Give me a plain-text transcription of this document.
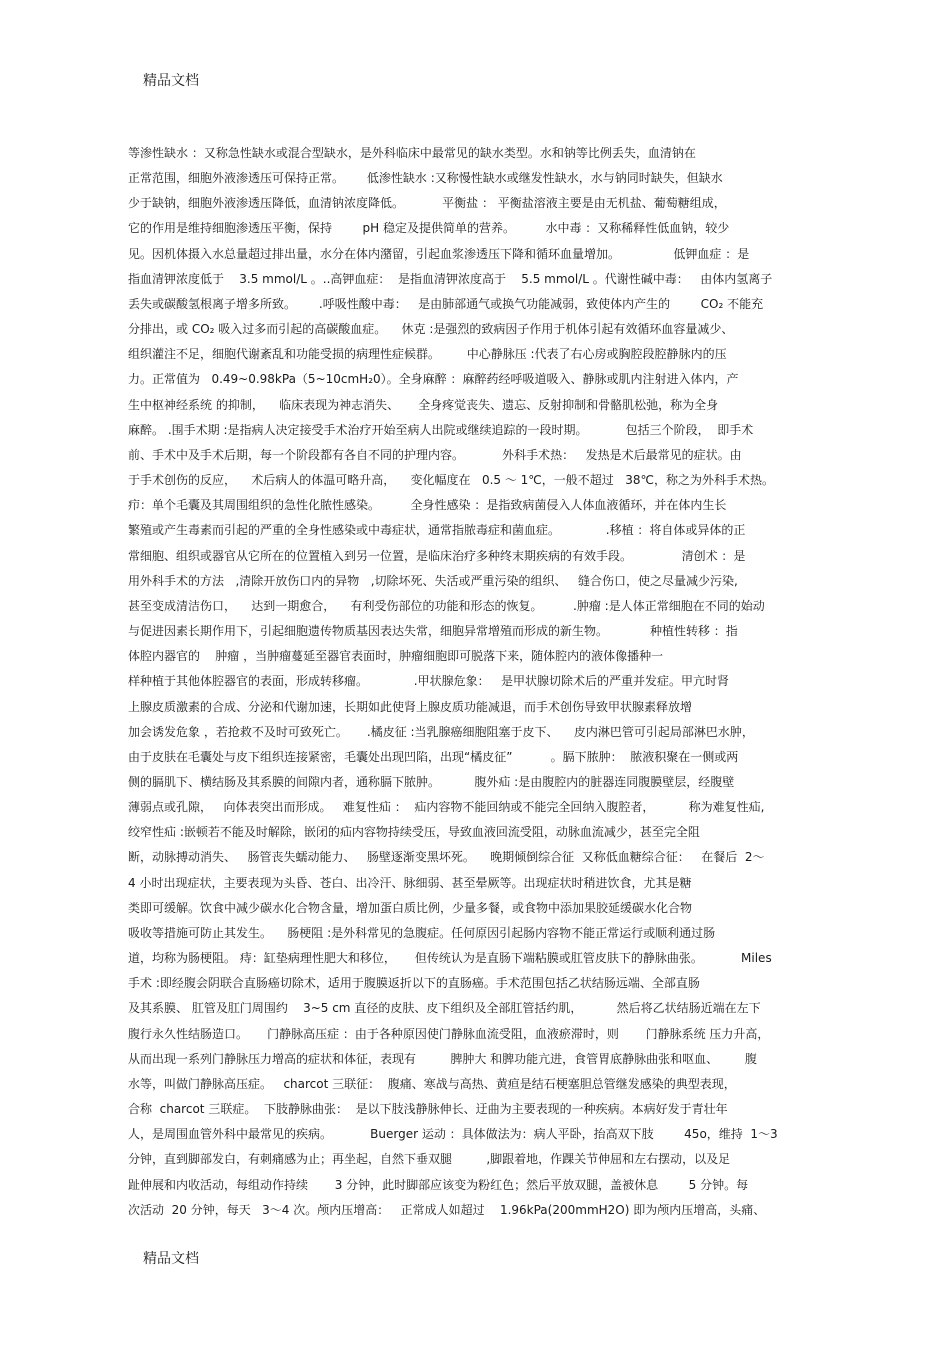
精品文档
等渗性缺水 ：又称急性缺水或混合型缺水，是外科临床中最常见的缺水类型。水和钠等比例丢失，血清钠在
正常范围，细胞外液渗透压可保持正常。      低渗性缺水 :又称慢性缺水或继发性缺水，水与钠同时缺失，但缺水
少于缺钠，细胞外液渗透压降低，血清钠浓度降低。          平衡盐 ： 平衡盐溶液主要是由无机盐、葡萄糖组成，
它的作用是维持细胞渗透压平衡，保持        pH 稳定及提供简单的营养。        水中毒 ：又称稀释性低血钠，较少
见。因机体摄入水总量超过排出量，水分在体内潴留，引起血浆渗透压下降和循环血量增加。              低钾血症 ：是
指血清钾浓度低于    3.5 mmol/L 。..高钾血症：  是指血清钾浓度高于    5.5 mmol/L 。代谢性碱中毒：   由体内氢离子
丢失或碳酸氢根离子增多所致。      .呼吸性酸中毒：   是由肺部通气或换气功能减弱，致使体内产生的        CO₂ 不能充
分排出，或 CO₂ 吸入过多而引起的高碳酸血症。    休克 :是强烈的致病因子作用于机体引起有效循环血容量减少、
组织灌注不足，细胞代谢紊乱和功能受损的病理性症候群。       中心静脉压 :代表了右心房或胸腔段腔静脉内的压
力。正常值为   0.49~0.98kPa（5~10cmH₂0）。全身麻醉 ：麻醉药经呼吸道吸入、静脉或肌内注射进入体内，产
生中枢神经系统 的抑制，    临床表现为神志消失、     全身疼觉丧失、遗忘、反射抑制和骨骼肌松弛，称为全身
麻醉。 .围手术期 :是指病人决定接受手术治疗开始至病人出院或继续追踪的一段时期。          包括三个阶段，  即手术
前、手术中及手术后期，每一个阶段都有各自不同的护理内容。          外科手术热：   发热是术后最常见的症状。由
于手术创伤的反应，    术后病人的体温可略升高，    变化幅度在   0.5 ～ 1℃，一般不超过   38℃，称之为外科手术热。
疖：单个毛囊及其周围组织的急性化脓性感染。        全身性感染 ：是指致病菌侵入人体血液循环，并在体内生长
繁殖或产生毒素而引起的严重的全身性感染或中毒症状，通常指脓毒症和菌血症。            .移植 ：将自体或异体的正
常细胞、组织或器官从它所在的位置植入到另一位置，是临床治疗多种终末期疾病的有效手段。             清创术 ：是
用外科手术的方法   ,清除开放伤口内的异物   ,切除坏死、失活或严重污染的组织、   缝合伤口，使之尽量减少污染,
甚至变成清洁伤口，    达到一期愈合，    有利受伤部位的功能和形态的恢复。        .肿瘤 :是人体正常细胞在不同的始动
与促进因素长期作用下，引起细胞遗传物质基因表达失常，细胞异常增殖而形成的新生物。           种植性转移 ：指
体腔内器官的    肿瘤 ，当肿瘤蔓延至器官表面时，肿瘤细胞即可脱落下来，随体腔内的液体像播种一
样种植于其他体腔器官的表面，形成转移瘤。            .甲状腺危象：   是甲状腺切除术后的严重并发症。甲亢时肾
上腺皮质激素的合成、分泌和代谢加速，长期如此使肾上腺皮质功能减退，而手术创伤导致甲状腺素释放增
加会诱发危象 ，若抢救不及时可致死亡。     .橘皮征 :当乳腺癌细胞阻塞于皮下、    皮内淋巴管可引起局部淋巴水肿，
由于皮肤在毛囊处与皮下组织连接紧密，毛囊处出现凹陷，出现“橘皮征”          。膈下脓肿：  脓液积聚在一侧或两
侧的膈肌下、横结肠及其系膜的间隙内者，通称膈下脓肿。         腹外疝 :是由腹腔内的脏器连同腹膜壁层，经腹壁
薄弱点或孔隙，   向体表突出而形成。   难复性疝 ：  疝内容物不能回纳或不能完全回纳入腹腔者，         称为难复性疝,
绞窄性疝 :嵌顿若不能及时解除，嵌闭的疝内容物持续受压，导致血液回流受阻，动脉血流减少，甚至完全阻
断，动脉搏动消失、   肠管丧失蠕动能力、   肠壁逐渐变黑坏死。    晚期倾倒综合征  又称低血糖综合征：   在餐后  2～
4 小时出现症状，主要表现为头昏、苍白、出冷汗、脉细弱、甚至晕厥等。出现症状时稍进饮食，尤其是糖
类即可缓解。饮食中减少碳水化合物含量，增加蛋白质比例，少量多餐，或食物中添加果胶延缓碳水化合物
吸收等措施可防止其发生。    肠梗阻 :是外科常见的急腹症。任何原因引起肠内容物不能正常运行或顺利通过肠
道，均称为肠梗阻。 痔：缸垫病理性肥大和移位，     但传统认为是直肠下端粘膜或肛管皮肤下的静脉曲张。          Miles
手术 :即经腹会阴联合直肠癌切除术，适用于腹膜返折以下的直肠癌。手术范围包括乙状结肠远端、全部直肠
及其系膜、 肛管及肛门周围约    3~5 cm 直径的皮肤、皮下组织及全部肛管括约肌，         然后将乙状结肠近端在左下
腹行永久性结肠造口。     门静脉高压症 ：由于各种原因使门静脉血流受阻，血液瘀滞时，则       门静脉系统 压力升高，
从而出现一系列门静脉压力增高的症状和体征，表现有         脾肿大 和脾功能亢进，食管胃底静脉曲张和呕血、       腹
水等，叫做门静脉高压症。   charcot 三联征：  腹痛、寒战与高热、黄疸是结石梗塞胆总管继发感染的典型表现，
合称  charcot 三联症。  下肢静脉曲张：  是以下肢浅静脉伸长、迂曲为主要表现的一种疾病。本病好发于青壮年
人，是周围血管外科中最常见的疾病。          Buerger 运动 ：具体做法为：病人平卧，抬高双下肢        45o，维持  1～3
分钟，直到脚部发白，有刺痛感为止；再坐起，自然下垂双腿         ,脚跟着地，作踝关节伸屈和左右摆动，以及足
趾伸展和内收活动，每组动作持续       3 分钟，此时脚部应该变为粉红色；然后平放双腿，盖被休息        5 分钟。每
次活动  20 分钟，每天   3～4 次。颅内压增高：   正常成人如超过    1.96kPa(200mmH2O) 即为颅内压增高，头痛、
精品文档
